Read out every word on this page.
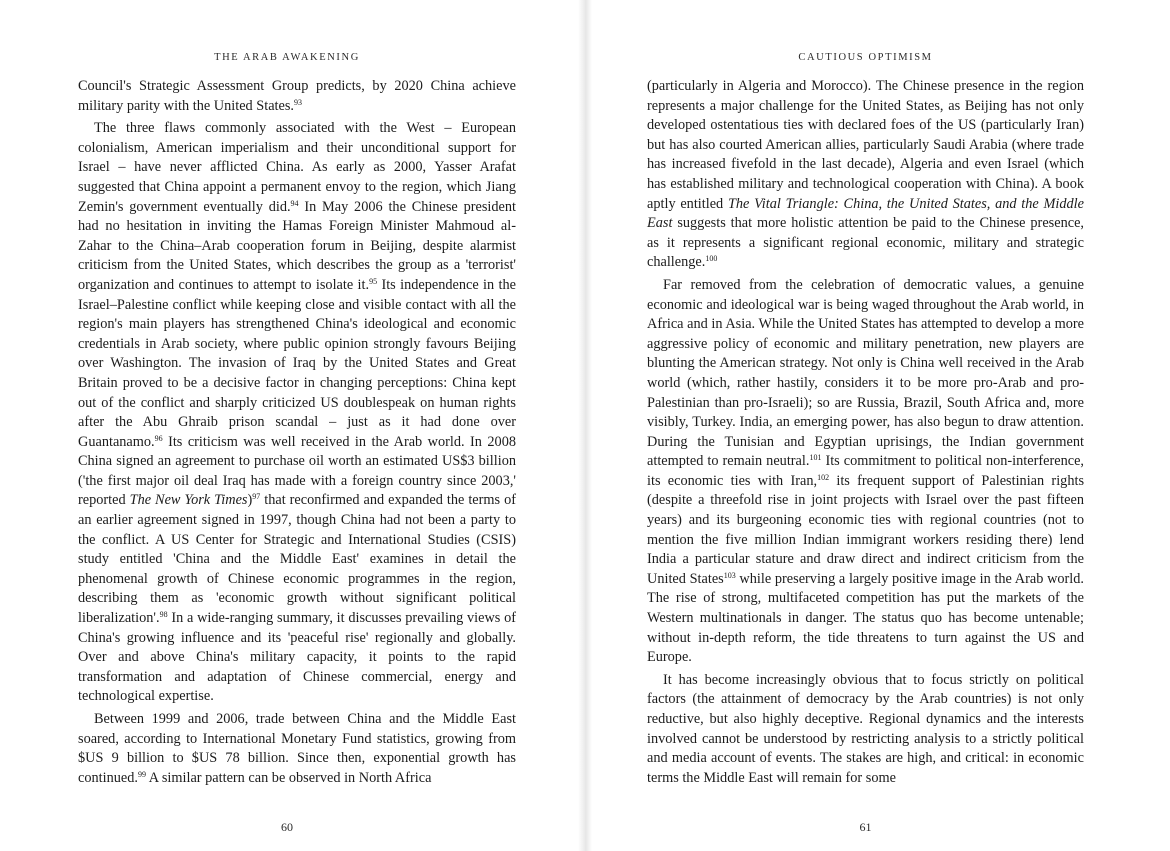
THE ARAB AWAKENING

Council's Strategic Assessment Group predicts, by 2020 China achieve military parity with the United States.$^{93}$

The three flaws commonly associated with the West – European colonialism, American imperialism and their unconditional support for Israel – have never afflicted China. As early as 2000, Yasser Arafat suggested that China appoint a permanent envoy to the region, which Jiang Zemin's government eventually did.$^{94}$ In May 2006 the Chinese president had no hesitation in inviting the Hamas Foreign Minister Mahmoud al-Zahar to the China–Arab cooperation forum in Beijing, despite alarmist criticism from the United States, which describes the group as a 'terrorist' organization and continues to attempt to isolate it.$^{95}$ Its independence in the Israel–Palestine conflict while keeping close and visible contact with all the region's main players has strengthened China's ideological and economic credentials in Arab society, where public opinion strongly favours Beijing over Washington. The invasion of Iraq by the United States and Great Britain proved to be a decisive factor in changing perceptions: China kept out of the conflict and sharply criticized US doublespeak on human rights after the Abu Ghraib prison scandal – just as it had done over Guantanamo.$^{96}$ Its criticism was well received in the Arab world. In 2008 China signed an agreement to purchase oil worth an estimated US$3 billion ('the first major oil deal Iraq has made with a foreign country since 2003,' reported The New York Times)$^{97}$ that reconfirmed and expanded the terms of an earlier agreement signed in 1997, though China had not been a party to the conflict. A US Center for Strategic and International Studies (CSIS) study entitled 'China and the Middle East' examines in detail the phenomenal growth of Chinese economic programmes in the region, describing them as 'economic growth without significant political liberalization'.$^{98}$ In a wide-ranging summary, it discusses prevailing views of China's growing influence and its 'peaceful rise' regionally and globally. Over and above China's military capacity, it points to the rapid transformation and adaptation of Chinese commercial, energy and technological expertise.

Between 1999 and 2006, trade between China and the Middle East soared, according to International Monetary Fund statistics, growing from $US 9 billion to $US 78 billion. Since then, exponential growth has continued.$^{99}$ A similar pattern can be observed in North Africa

60
CAUTIOUS OPTIMISM

(particularly in Algeria and Morocco). The Chinese presence in the region represents a major challenge for the United States, as Beijing has not only developed ostentatious ties with declared foes of the US (particularly Iran) but has also courted American allies, particularly Saudi Arabia (where trade has increased fivefold in the last decade), Algeria and even Israel (which has established military and technological cooperation with China). A book aptly entitled The Vital Triangle: China, the United States, and the Middle East suggests that more holistic attention be paid to the Chinese presence, as it represents a significant regional economic, military and strategic challenge.$^{100}$

Far removed from the celebration of democratic values, a genuine economic and ideological war is being waged throughout the Arab world, in Africa and in Asia. While the United States has attempted to develop a more aggressive policy of economic and military penetration, new players are blunting the American strategy. Not only is China well received in the Arab world (which, rather hastily, considers it to be more pro-Arab and pro-Palestinian than pro-Israeli); so are Russia, Brazil, South Africa and, more visibly, Turkey. India, an emerging power, has also begun to draw attention. During the Tunisian and Egyptian uprisings, the Indian government attempted to remain neutral.$^{101}$ Its commitment to political non-interference, its economic ties with Iran,$^{102}$ its frequent support of Palestinian rights (despite a threefold rise in joint projects with Israel over the past fifteen years) and its burgeoning economic ties with regional countries (not to mention the five million Indian immigrant workers residing there) lend India a particular stature and draw direct and indirect criticism from the United States$^{103}$ while preserving a largely positive image in the Arab world. The rise of strong, multifaceted competition has put the markets of the Western multinationals in danger. The status quo has become untenable; without in-depth reform, the tide threatens to turn against the US and Europe.

It has become increasingly obvious that to focus strictly on political factors (the attainment of democracy by the Arab countries) is not only reductive, but also highly deceptive. Regional dynamics and the interests involved cannot be understood by restricting analysis to a strictly political and media account of events. The stakes are high, and critical: in economic terms the Middle East will remain for some

61
